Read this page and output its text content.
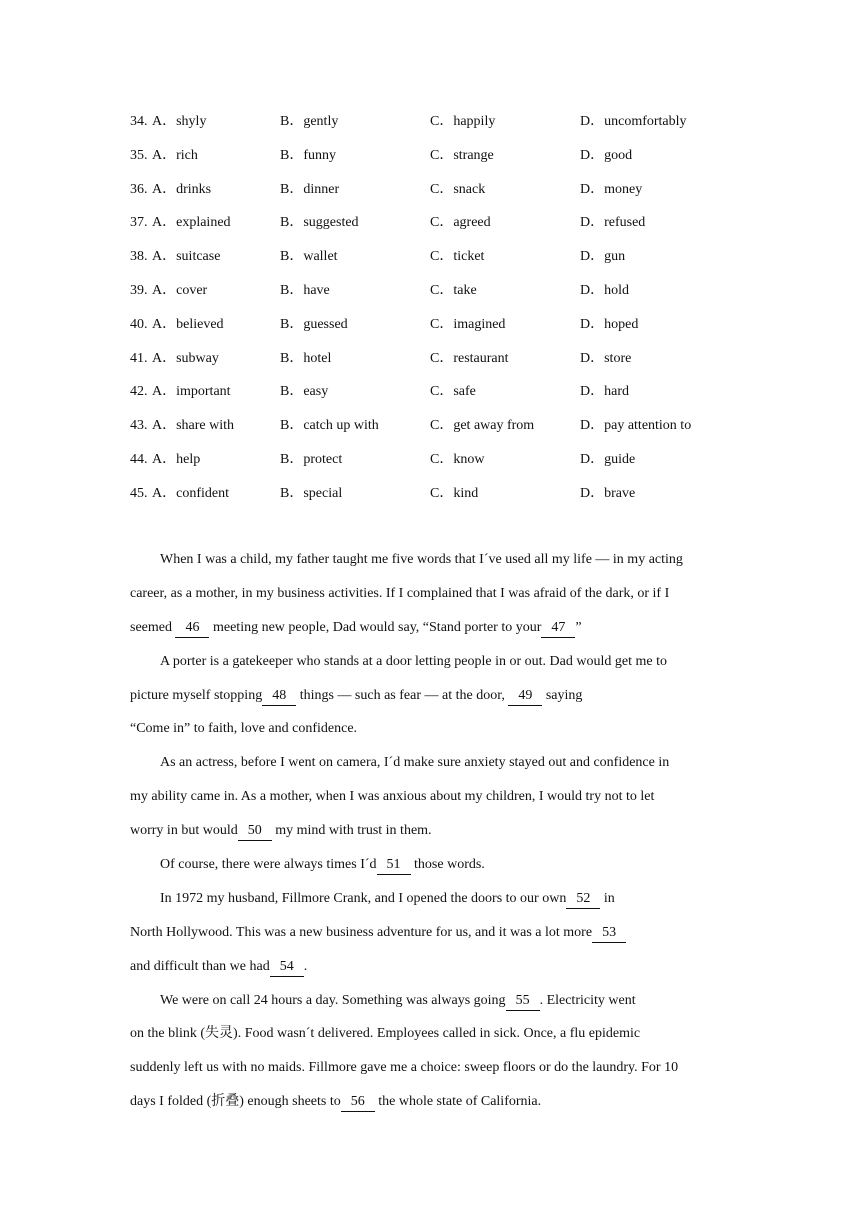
34. A．shyly	B．gently	C．happily	D．uncomfortably
35. A．rich	B．funny	C．strange	D．good
36. A．drinks	B．dinner	C．snack	D．money
37. A．explained	B．suggested	C．agreed	D．refused
38. A．suitcase	B．wallet	C．ticket	D．gun
39. A．cover	B．have	C．take	D．hold
40. A．believed	B．guessed	C．imagined	D．hoped
41. A．subway	B．hotel	C．restaurant	D．store
42. A．important	B．easy	C．safe	D．hard
43. A．share with	B．catch up with	C．get away from	D．pay attention to
44. A．help	B．protect	C．know	D．guide
45. A．confident	B．special	C．kind	D．brave
When I was a child, my father taught me five words that I´ve used all my life — in my acting
career, as a mother, in my business activities. If I complained that I was afraid of the dark, or if I
seemed 46 meeting new people, Dad would say, “Stand porter to your 47 ”
A porter is a gatekeeper who stands at a door letting people in or out. Dad would get me to
picture myself stopping 48 things — such as fear — at the door, 49 saying
“Come in” to faith, love and confidence.
As an actress, before I went on camera, I´d make sure anxiety stayed out and confidence in
my ability came in. As a mother, when I was anxious about my children, I would try not to let
worry in but would 50 my mind with trust in them.
Of course, there were always times I´d 51 those words.
In 1972 my husband, Fillmore Crank, and I opened the doors to our own 52 in
North Hollywood. This was a new business adventure for us, and it was a lot more 53
and difficult than we had 54 .
We were on call 24 hours a day. Something was always going 55 . Electricity went
on the blink (失灵). Food wasn´t delivered. Employees called in sick. Once, a flu epidemic
suddenly left us with no maids. Fillmore gave me a choice: sweep floors or do the laundry. For 10
days I folded (折叠) enough sheets to 56 the whole state of California.
